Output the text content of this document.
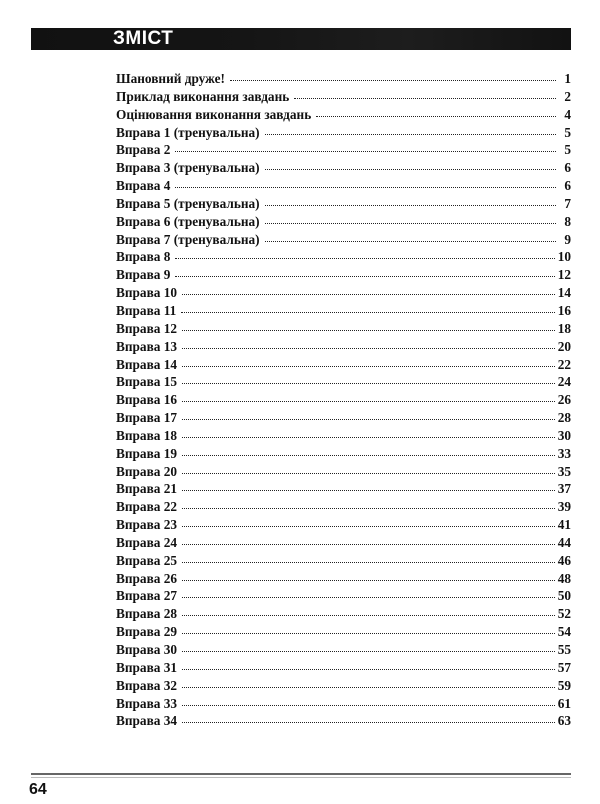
ЗМІСТ
Шановний друже!	1
Приклад виконання завдань	2
Оцінювання виконання завдань	4
Вправа 1 (тренувальна)	5
Вправа 2	5
Вправа 3 (тренувальна)	6
Вправа 4	6
Вправа 5 (тренувальна)	7
Вправа 6 (тренувальна)	8
Вправа 7 (тренувальна)	9
Вправа 8	10
Вправа 9	12
Вправа 10	14
Вправа 11	16
Вправа 12	18
Вправа 13	20
Вправа 14	22
Вправа 15	24
Вправа 16	26
Вправа 17	28
Вправа 18	30
Вправа 19	33
Вправа 20	35
Вправа 21	37
Вправа 22	39
Вправа 23	41
Вправа 24	44
Вправа 25	46
Вправа 26	48
Вправа 27	50
Вправа 28	52
Вправа 29	54
Вправа 30	55
Вправа 31	57
Вправа 32	59
Вправа 33	61
Вправа 34	63
64
